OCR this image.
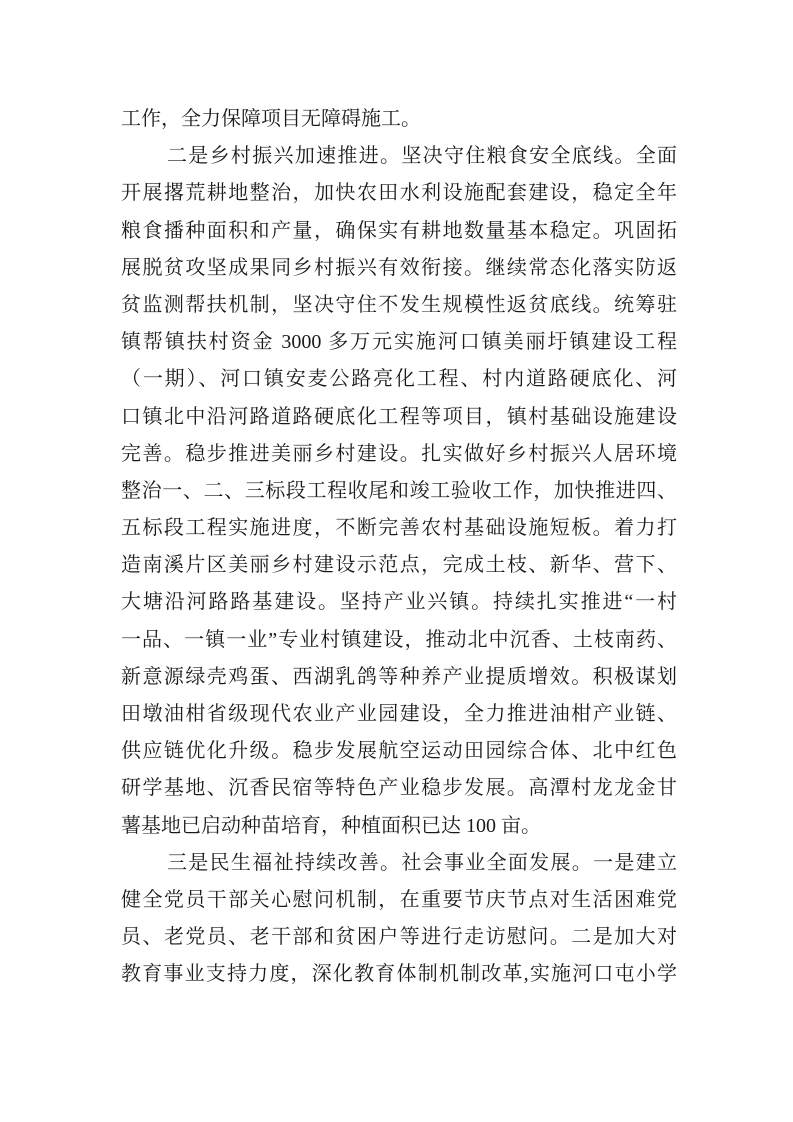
工作，全力保障项目无障碍施工。
二是乡村振兴加速推进。坚决守住粮食安全底线。全面
开展撂荒耕地整治，加快农田水利设施配套建设，稳定全年
粮食播种面积和产量，确保实有耕地数量基本稳定。巩固拓
展脱贫攻坚成果同乡村振兴有效衔接。继续常态化落实防返
贫监测帮扶机制，坚决守住不发生规模性返贫底线。统筹驻
镇帮镇扶村资金 3000 多万元实施河口镇美丽圩镇建设工程
（一期）、河口镇安麦公路亮化工程、村内道路硬底化、河
口镇北中沿河路道路硬底化工程等项目，镇村基础设施建设
完善。稳步推进美丽乡村建设。扎实做好乡村振兴人居环境
整治一、二、三标段工程收尾和竣工验收工作，加快推进四、
五标段工程实施进度，不断完善农村基础设施短板。着力打
造南溪片区美丽乡村建设示范点，完成土枝、新华、营下、
大塘沿河路路基建设。坚持产业兴镇。持续扎实推进“一村
一品、一镇一业”专业村镇建设，推动北中沉香、土枝南药、
新意源绿壳鸡蛋、西湖乳鸽等种养产业提质增效。积极谋划
田墩油柑省级现代农业产业园建设，全力推进油柑产业链、
供应链优化升级。稳步发展航空运动田园综合体、北中红色
研学基地、沉香民宿等特色产业稳步发展。高潭村龙龙金甘
薯基地已启动种苗培育，种植面积已达 100 亩。
三是民生福祉持续改善。社会事业全面发展。一是建立
健全党员干部关心慰问机制，在重要节庆节点对生活困难党
员、老党员、老干部和贫困户等进行走访慰问。二是加大对
教育事业支持力度，深化教育体制机制改革,实施河口屯小学
